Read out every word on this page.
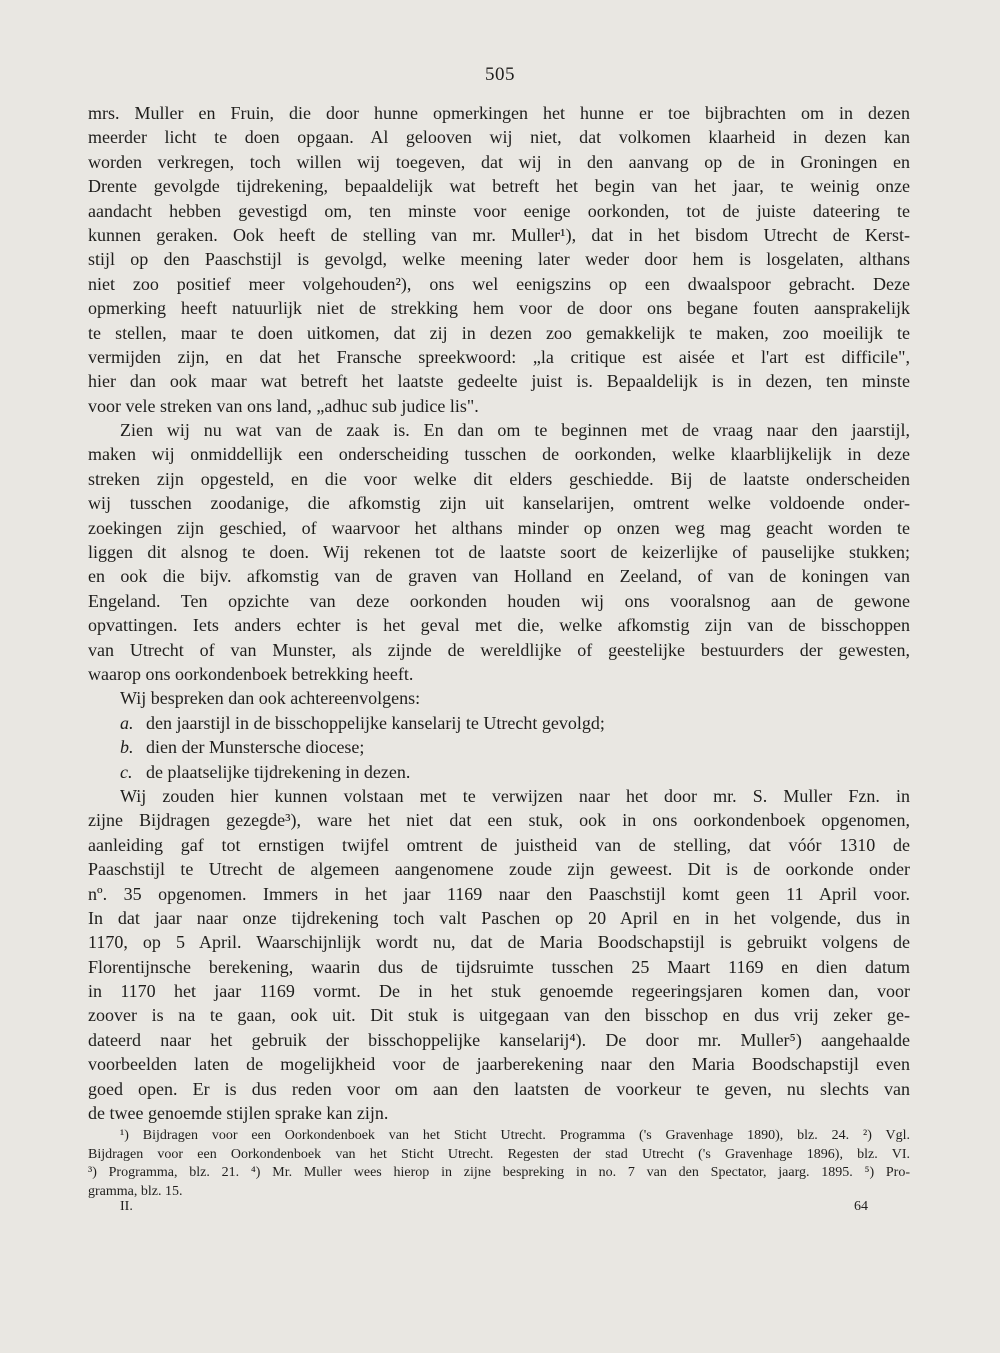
505
mrs. Muller en Fruin, die door hunne opmerkingen het hunne er toe bijbrachten om in dezen
meerder licht te doen opgaan. Al gelooven wij niet, dat volkomen klaarheid in dezen kan
worden verkregen, toch willen wij toegeven, dat wij in den aanvang op de in Groningen en
Drente gevolgde tijdrekening, bepaaldelijk wat betreft het begin van het jaar, te weinig onze
aandacht hebben gevestigd om, ten minste voor eenige oorkonden, tot de juiste dateering te
kunnen geraken. Ook heeft de stelling van mr. Muller¹), dat in het bisdom Utrecht de Kerst-
stijl op den Paaschstijl is gevolgd, welke meening later weder door hem is losgelaten, althans
niet zoo positief meer volgehouden²), ons wel eenigszins op een dwaalspoor gebracht. Deze
opmerking heeft natuurlijk niet de strekking hem voor de door ons begane fouten aansprakelijk
te stellen, maar te doen uitkomen, dat zij in dezen zoo gemakkelijk te maken, zoo moeilijk te
vermijden zijn, en dat het Fransche spreekwoord: „la critique est aisée et l'art est difficile",
hier dan ook maar wat betreft het laatste gedeelte juist is. Bepaaldelijk is in dezen, ten minste
voor vele streken van ons land, „adhuc sub judice lis".
Zien wij nu wat van de zaak is. En dan om te beginnen met de vraag naar den jaarstijl,
maken wij onmiddellijk een onderscheiding tusschen de oorkonden, welke klaarblijkelijk in deze
streken zijn opgesteld, en die voor welke dit elders geschiedde. Bij de laatste onderscheiden
wij tusschen zoodanige, die afkomstig zijn uit kanselarijen, omtrent welke voldoende onder-
zoekingen zijn geschied, of waarvoor het althans minder op onzen weg mag geacht worden te
liggen dit alsnog te doen. Wij rekenen tot de laatste soort de keizerlijke of pauselijke stukken;
en ook die bijv. afkomstig van de graven van Holland en Zeeland, of van de koningen van
Engeland. Ten opzichte van deze oorkonden houden wij ons vooralsnog aan de gewone
opvattingen. Iets anders echter is het geval met die, welke afkomstig zijn van de bisschoppen
van Utrecht of van Munster, als zijnde de wereldlijke of geestelijke bestuurders der gewesten,
waarop ons oorkondenboek betrekking heeft.
Wij bespreken dan ook achtereenvolgens:
a. den jaarstijl in de bisschoppelijke kanselarij te Utrecht gevolgd;
b. dien der Munstersche diocese;
c. de plaatselijke tijdrekening in dezen.
Wij zouden hier kunnen volstaan met te verwijzen naar het door mr. S. Muller Fzn. in
zijne Bijdragen gezegde³), ware het niet dat een stuk, ook in ons oorkondenboek opgenomen,
aanleiding gaf tot ernstigen twijfel omtrent de juistheid van de stelling, dat vóór 1310 de
Paaschstijl te Utrecht de algemeen aangenomene zoude zijn geweest. Dit is de oorkonde onder
nº. 35 opgenomen. Immers in het jaar 1169 naar den Paaschstijl komt geen 11 April voor.
In dat jaar naar onze tijdrekening toch valt Paschen op 20 April en in het volgende, dus in
1170, op 5 April. Waarschijnlijk wordt nu, dat de Maria Boodschapstijl is gebruikt volgens de
Florentijnsche berekening, waarin dus de tijdsruimte tusschen 25 Maart 1169 en dien datum
in 1170 het jaar 1169 vormt. De in het stuk genoemde regeeringsjaren komen dan, voor
zoover is na te gaan, ook uit. Dit stuk is uitgegaan van den bisschop en dus vrij zeker ge-
dateerd naar het gebruik der bisschoppelijke kanselarij⁴). De door mr. Muller⁵) aangehaalde
voorbeelden laten de mogelijkheid voor de jaarberekening naar den Maria Boodschapstijl even
goed open. Er is dus reden voor om aan den laatsten de voorkeur te geven, nu slechts van
de twee genoemde stijlen sprake kan zijn.
¹) Bijdragen voor een Oorkondenboek van het Sticht Utrecht. Programma ('s Gravenhage 1890), blz. 24. ²) Vgl.
Bijdragen voor een Oorkondenboek van het Sticht Utrecht. Regesten der stad Utrecht ('s Gravenhage 1896), blz. VI.
³) Programma, blz. 21. ⁴) Mr. Muller wees hierop in zijne bespreking in no. 7 van den Spectator, jaarg. 1895. ⁵) Pro-
gramma, blz. 15.
II.	64
